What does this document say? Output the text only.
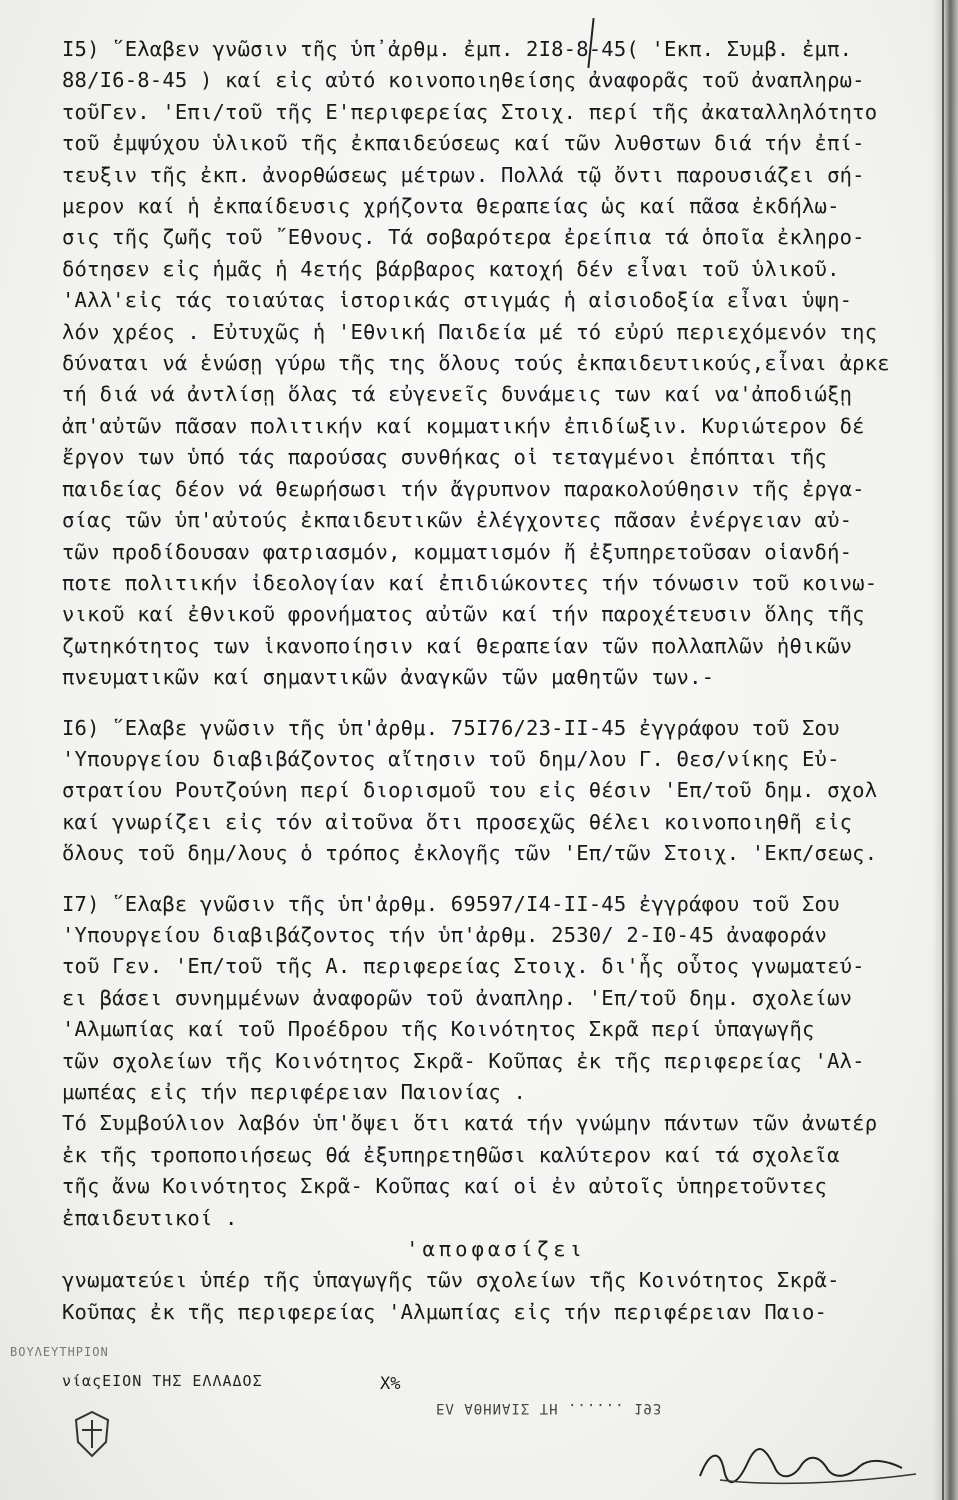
Ι5) ῞Ελαβεν γνῶσιν τῆς ὑπ᾽ἀρθμ. ἐμπ. 2Ι8-8-45( 'Εκπ. Συμβ. ἐμπ.
88/Ι6-8-45 ) καί εἰς αὐτό κοινοποιηθείσης ἀναφορᾶς τοῦ ἀναπληρω-
τοῦΓεν. 'Επι/τοῦ τῆς Ε'περιφερείας Στοιχ. περί τῆς ἀκαταλληλότητο
τοῦ ἐμψύχου ὑλικοῦ τῆς ἐκπαιδεύσεως καί τῶν λυθστων διά τήν ἐπί-
τευξιν τῆς ἐκπ. ἀνορθώσεως μέτρων. Πολλά τῷ ὄντι παρουσιάζει σή-
μερον καί ἡ ἐκπαίδευσις χρήζοντα θεραπείας ὡς καί πᾶσα ἐκδήλω-
σις τῆς ζωῆς τοῦ ῎Εθνους. Τά σοβαρότερα ἐρείπια τά ὁποῖα ἐκληρο-
δότησεν εἰς ἡμᾶς ἡ 4ετής βάρβαρος κατοχή δέν εἶναι τοῦ ὑλικοῦ.
'Αλλ'εἰς τάς τοιαύτας ἱστορικάς στιγμάς ἡ αἰσιοδοξία εἶναι ὑψη-
λόν χρέος . Εὐτυχῶς ἡ 'Εθνική Παιδεία μέ τό εὐρύ περιεχόμενόν της
δύναται νά ἑνώσῃ γύρω τῆς της ὅλους τούς ἐκπαιδευτικούς,εἶναι ἀρκε
τή διά νά ἀντλίσῃ ὅλας τά εὐγενεῖς δυνάμεις των καί να'ἀποδιώξῃ
ἀπ'αὐτῶν πᾶσαν πολιτικήν καί κομματικήν ἐπιδίωξιν. Κυριώτερον δέ
ἔργον των ὑπό τάς παρούσας συνθήκας οἱ τεταγμένοι ἐπόπται τῆς
παιδείας δέον νά θεωρήσωσι τήν ἄγρυπνον παρακολούθησιν τῆς ἐργα-
σίας τῶν ὑπ'αὐτούς ἐκπαιδευτικῶν ἐλέγχοντες πᾶσαν ἐνέργειαν αὐ-
τῶν προδίδουσαν φατριασμόν, κομματισμόν ἤ ἐξυπηρετοῦσαν οἱανδή-
ποτε πολιτικήν ἰδεολογίαν καί ἐπιδιώκοντες τήν τόνωσιν τοῦ κοινω-
νικοῦ καί ἐθνικοῦ φρονήματος αὐτῶν καί τήν παροχέτευσιν ὅλης τῆς
ζωτηκότητος των ἱκανοποίησιν καί θεραπείαν τῶν πολλαπλῶν ἠθικῶν
πνευματικῶν καί σημαντικῶν ἀναγκῶν τῶν μαθητῶν των.-
Ι6) ῞Ελαβε γνῶσιν τῆς ὑπ'ἀρθμ. 75Ι76/23-ΙΙ-45 ἐγγράφου τοῦ Σου
'Υπουργείου διαβιβάζοντος αἴτησιν τοῦ δημ/λου Γ. Θεσ/νίκης Εὐ-
στρατίου Ρουτζούνη περί διορισμοῦ του εἰς θέσιν 'Επ/τοῦ δημ. σχολ
καί γνωρίζει εἰς τόν αἰτοῦνα ὅτι προσεχῶς θέλει κοινοποιηθῆ εἰς
ὅλους τοῦ δημ/λους ὁ τρόπος ἐκλογῆς τῶν 'Επ/τῶν Στοιχ. 'Εκπ/σεως.
Ι7) ῞Ελαβε γνῶσιν τῆς ὑπ'ἀρθμ. 69597/Ι4-ΙΙ-45 ἐγγράφου τοῦ Σου
'Υπουργείου διαβιβάζοντος τήν ὑπ'ἀρθμ. 2530/ 2-Ι0-45 ἀναφοράν
τοῦ Γεν. 'Επ/τοῦ τῆς Α. περιφερείας Στοιχ. δι'ἧς οὗτος γνωματεύ-
ει βάσει συνημμένων ἀναφορῶν τοῦ ἀναπληρ. 'Επ/τοῦ δημ. σχολείων
'Αλμωπίας καί τοῦ Προέδρου τῆς Κοινότητος Σκρᾶ περί ὑπαγωγῆς
τῶν σχολείων τῆς Κοινότητος Σκρᾶ- Κοῦπας ἐκ τῆς περιφερείας 'Αλ-
μωπέας εἰς τήν περιφέρειαν Παιονίας .
Τό Συμβούλιον λαβόν ὑπ'ὄψει ὅτι κατά τήν γνώμην πάντων τῶν ἀνωτέρ
ἐκ τῆς τροποποιήσεως θά ἐξυπηρετηθῶσι καλύτερον καί τά σχολεῖα
τῆς ἄνω Κοινότητος Σκρᾶ- Κοῦπας καί οἱ ἐν αὐτοῖς ὑπηρετοῦντες
ἐπαιδευτικοί .
'αποφασίζει
γνωματεύει ὑπέρ τῆς ὑπαγωγῆς τῶν σχολείων τῆς Κοινότητος Σκρᾶ-
Κοῦπας ἐκ τῆς περιφερείας 'Αλμωπίας εἰς τήν περιφέρειαν Παιο-
ΒΟΥΛΕΥΤΗΡΙΟΝ
νίαςΕΙΟΝ ΤΗΣ ΕΛΛΑΔΟΣ	Χ%
ΕΛ ΑΘΗΝΑΙΣ ΤΗ ...... 193
